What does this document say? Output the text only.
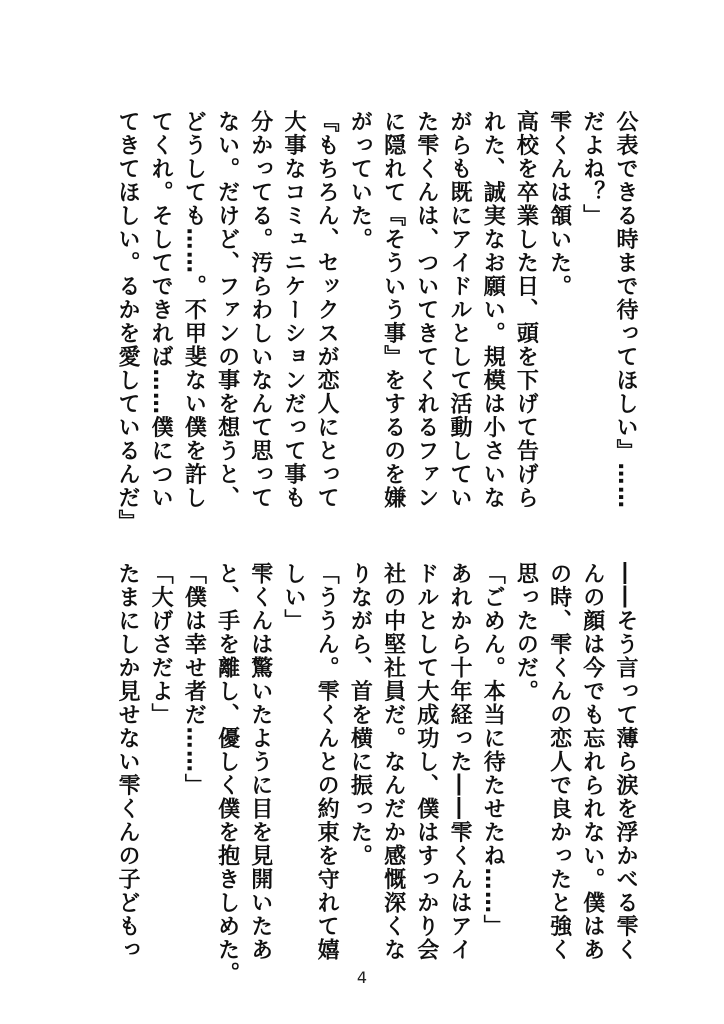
公表できる時まで待ってほしい』……

だよね？」

雫くんは頷いた。

高校を卒業した日、頭を下げて告げら

れた、誠実なお願い。規模は小さいな

がらも既にアイドルとして活動してい

た雫くんは、ついてきてくれるファン

に隠れて『そういう事』をするのを嫌

がっていた。

『もちろん、セックスが恋人にとって

大事なコミュニケーションだって事も

分かってる。汚らわしいなんて思って

ない。だけど、ファンの事を想うと、

どうしても……。不甲斐ない僕を許し

てくれ。そしてできれば……僕につい

てきてほしい。るかを愛しているんだ』

――そう言って薄ら涙を浮かべる雫く

んの顔は今でも忘れられない。僕はあ

の時、雫くんの恋人で良かったと強く

思ったのだ。

「ごめん。本当に待たせたね……」

あれから十年経った――雫くんはアイ

ドルとして大成功し、僕はすっかり会

社の中堅社員だ。なんだか感慨深くな

りながら、首を横に振った。

「ううん。雫くんとの約束を守れて嬉

しい」

雫くんは驚いたように目を見開いたあ

と、手を離し、優しく僕を抱きしめた。

「僕は幸せ者だ……」

「大げさだよ」

たまにしか見せない雫くんの子どもっ

4
